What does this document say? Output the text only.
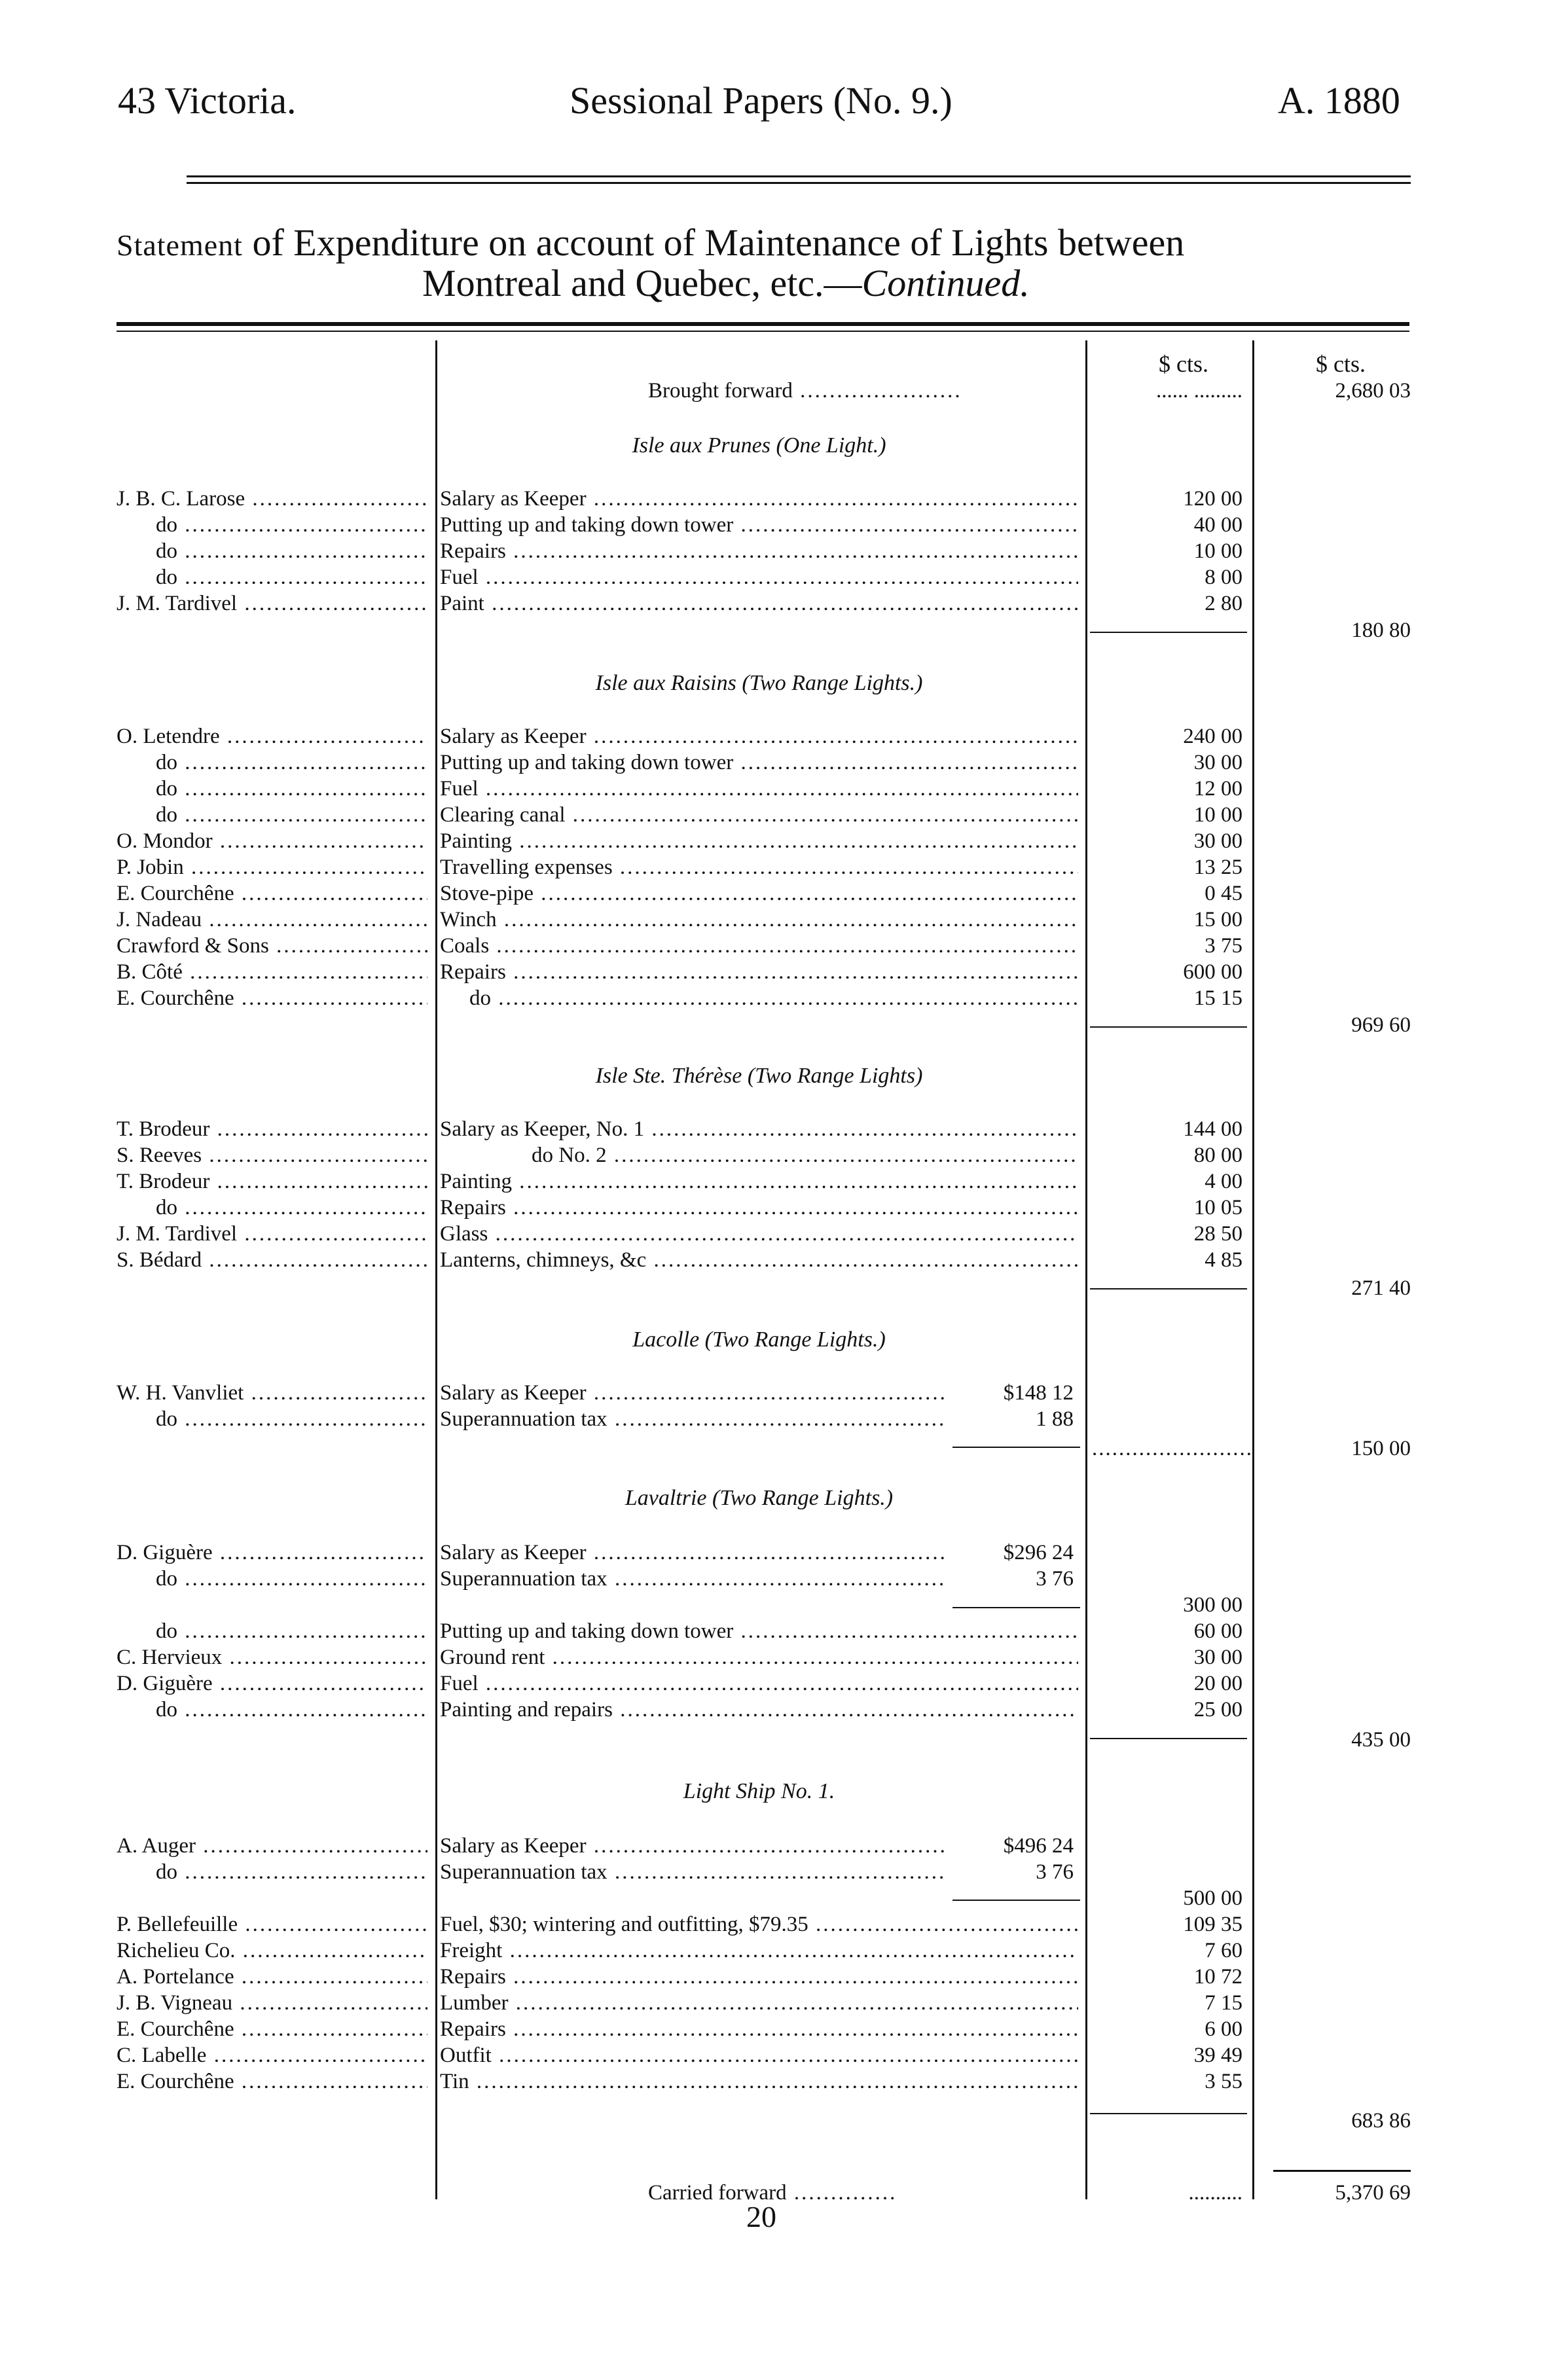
43 Victoria.	Sessional Papers (No. 9.)	A. 1880
Statement of Expenditure on account of Maintenance of Lights between
Montreal and Quebec, etc.—Continued.
$ cts.	$ cts.
Brought forward ......................	...... .........	2,680 03
Isle aux Prunes (One Light.)
J. B. C. Larose .....	Salary as Keeper .....	120 00
do .....	Putting up and taking down tower .....	40 00
do .....	Repairs .....	10 00
do .....	Fuel .....	8 00
J. M. Tardivel .....	Paint .....	2 80
180 80
Isle aux Raisins (Two Range Lights.)
O. Letendre .....	Salary as Keeper .....	240 00
do .....	Putting up and taking down tower .....	30 00
do .....	Fuel .....	12 00
do .....	Clearing canal .....	10 00
O. Mondor .....	Painting .....	30 00
P. Jobin .....	Travelling expenses .....	13 25
E. Courchêne .....	Stove-pipe .....	0 45
J. Nadeau .....	Winch .....	15 00
Crawford & Sons .....	Coals .....	3 75
B. Côté .....	Repairs .....	600 00
E. Courchêne .....	do .....	15 15
969 60
Isle Ste. Thérèse (Two Range Lights)
T. Brodeur .....	Salary as Keeper, No. 1 .....	144 00
S. Reeves .....	do No. 2 .....	80 00
T. Brodeur .....	Painting .....	4 00
do .....	Repairs .....	10 05
J. M. Tardivel .....	Glass .....	28 50
S. Bédard .....	Lanterns, chimneys, &c .....	4 85
271 40
Lacolle (Two Range Lights.)
W. H. Vanvliet .....	Salary as Keeper .....	$148 12
do .....	Superannuation tax .....	1 88
........................	150 00
Lavaltrie (Two Range Lights.)
D. Giguère .....	Salary as Keeper .....	$296 24
do .....	Superannuation tax .....	3 76
300 00
do .....	Putting up and taking down tower .....	60 00
C. Hervieux .....	Ground rent .....	30 00
D. Giguère .....	Fuel .....	20 00
do .....	Painting and repairs .....	25 00
435 00
Light Ship No. 1.
A. Auger .....	Salary as Keeper .....	$496 24
do .....	Superannuation tax .....	3 76
500 00
P. Bellefeuille .....	Fuel, $30; wintering and outfitting, $79.35 .....	109 35
Richelieu Co. .....	Freight .....	7 60
A. Portelance .....	Repairs .....	10 72
J. B. Vigneau .....	Lumber .....	7 15
E. Courchêne .....	Repairs .....	6 00
C. Labelle .....	Outfit .....	39 49
E. Courchêne .....	Tin .....	3 55
683 86
Carried forward ..............	..........	5,370 69
20
